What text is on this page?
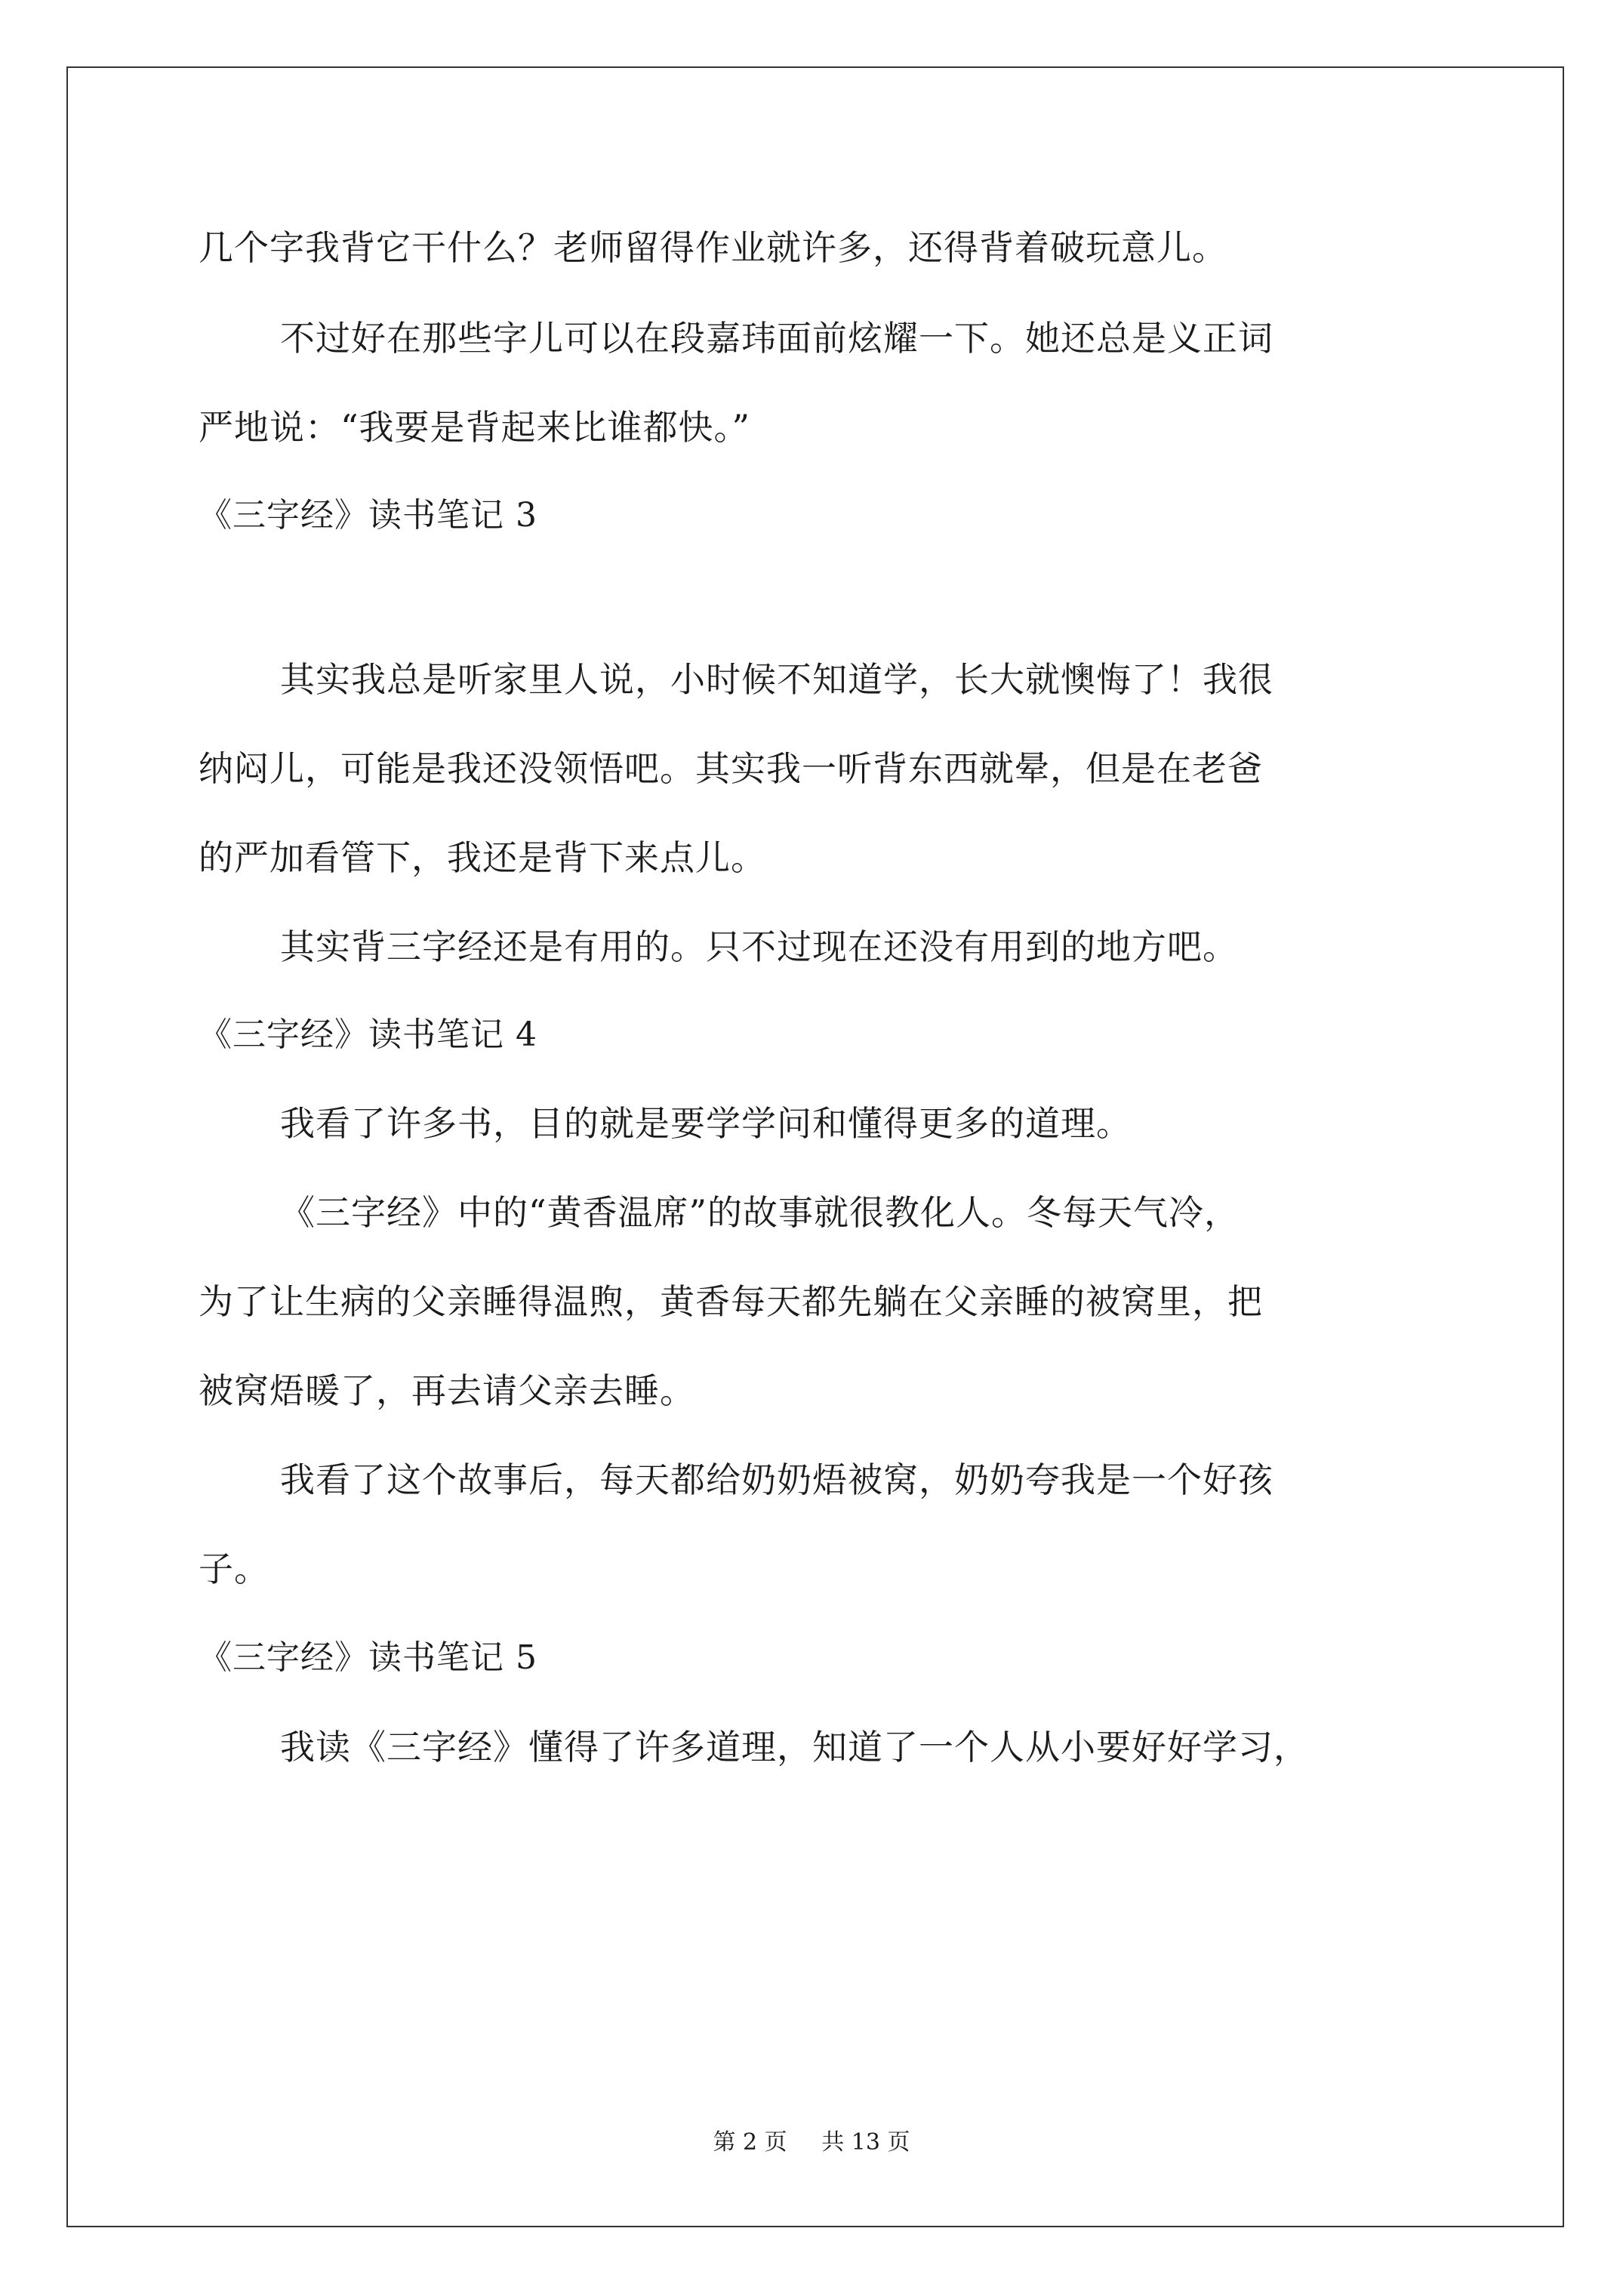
几个字我背它干什么？老师留得作业就许多，还得背着破玩意儿。
不过好在那些字儿可以在段嘉玮面前炫耀一下。她还总是义正词
严地说：“我要是背起来比谁都快。”
《三字经》读书笔记 3
其实我总是听家里人说，小时候不知道学，长大就懊悔了！我很
纳闷儿，可能是我还没领悟吧。其实我一听背东西就晕，但是在老爸
的严加看管下，我还是背下来点儿。
其实背三字经还是有用的。只不过现在还没有用到的地方吧。
《三字经》读书笔记 4
我看了许多书，目的就是要学学问和懂得更多的道理。
《三字经》中的“黄香温席”的故事就很教化人。冬每天气冷，
为了让生病的父亲睡得温煦，黄香每天都先躺在父亲睡的被窝里，把
被窝焐暖了，再去请父亲去睡。
我看了这个故事后，每天都给奶奶焐被窝，奶奶夸我是一个好孩
子。
《三字经》读书笔记 5
我读《三字经》懂得了许多道理，知道了一个人从小要好好学习，
第 2 页 共 13 页
